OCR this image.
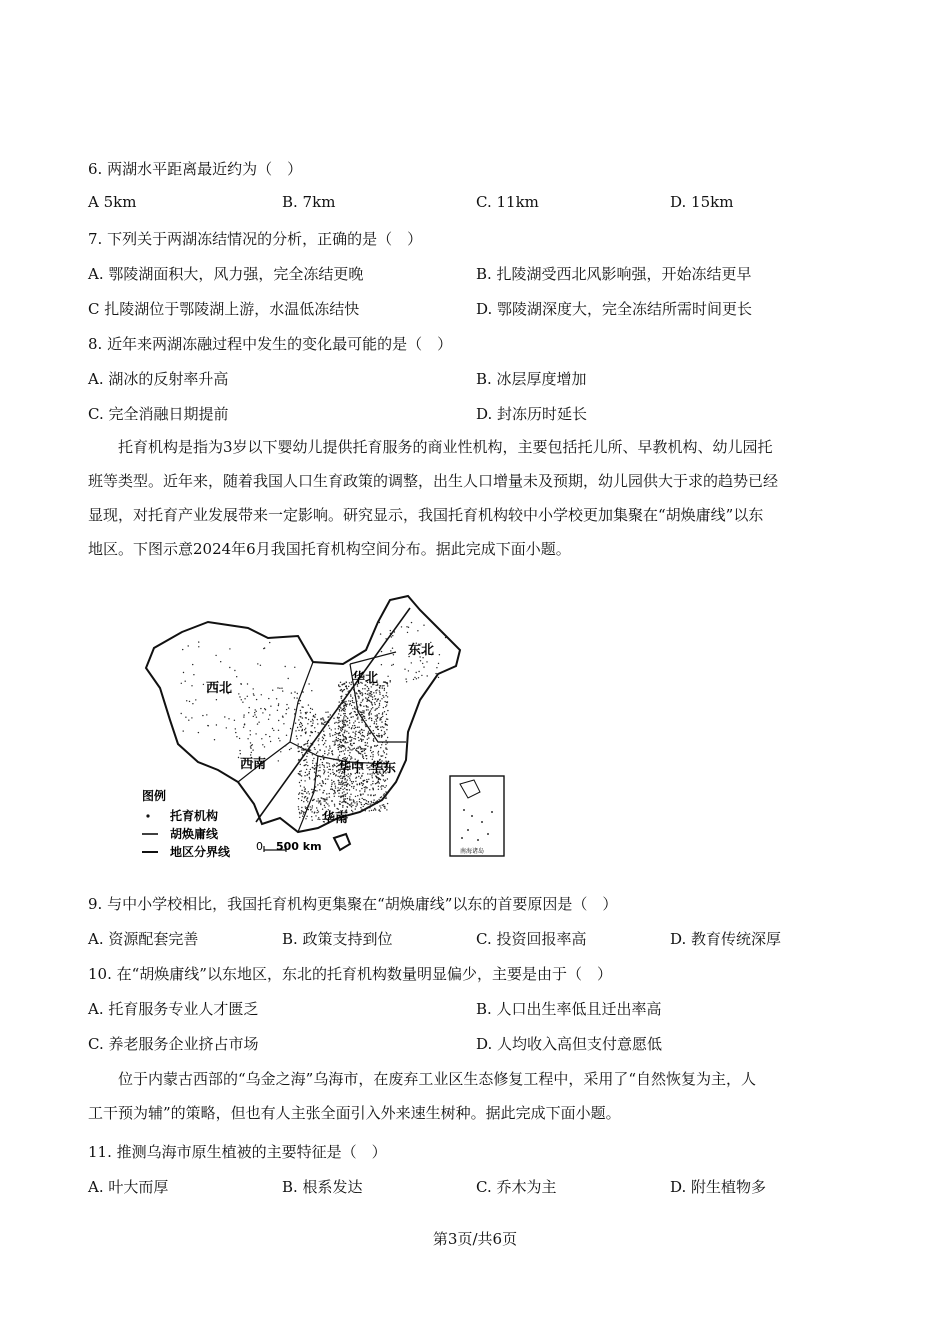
6. 两湖水平距离最近约为（　）
A 5km	B. 7km	C. 11km	D. 15km
7. 下列关于两湖冻结情况的分析，正确的是（　）
A. 鄂陵湖面积大，风力强，完全冻结更晚	B. 扎陵湖受西北风影响强，开始冻结更早
C 扎陵湖位于鄂陵湖上游，水温低冻结快	D. 鄂陵湖深度大，完全冻结所需时间更长
8. 近年来两湖冻融过程中发生的变化最可能的是（　）
A. 湖冰的反射率升高	B. 冰层厚度增加
C. 完全消融日期提前	D. 封冻历时延长

托育机构是指为3岁以下婴幼儿提供托育服务的商业性机构，主要包括托儿所、早教机构、幼儿园托

班等类型。近年来，随着我国人口生育政策的调整，出生人口增量未及预期，幼儿园供大于求的趋势已经
显现，对托育产业发展带来一定影响。研究显示，我国托育机构较中小学校更加集聚在“胡焕庸线”以东
地区。下图示意2024年6月我国托育机构空间分布。据此完成下面小题。
东北
华北
西北
西南	华中 华东
华南
图例
托育机构
胡焕庸线
地区分界线 0 500 km	南海诸岛
9. 与中小学校相比，我国托育机构更集聚在“胡焕庸线”以东的首要原因是（　）
A. 资源配套完善	B. 政策支持到位	C. 投资回报率高	D. 教育传统深厚
10. 在“胡焕庸线”以东地区，东北的托育机构数量明显偏少，主要是由于（　）
A. 托育服务专业人才匮乏	B. 人口出生率低且迁出率高
C. 养老服务企业挤占市场	D. 人均收入高但支付意愿低

位于内蒙古西部的“乌金之海”乌海市，在废弃工业区生态修复工程中，采用了“自然恢复为主，人

工干预为辅”的策略，但也有人主张全面引入外来速生树种。据此完成下面小题。
11. 推测乌海市原生植被的主要特征是（　）
A. 叶大而厚	B. 根系发达	C. 乔木为主	D. 附生植物多
第3页/共6页
